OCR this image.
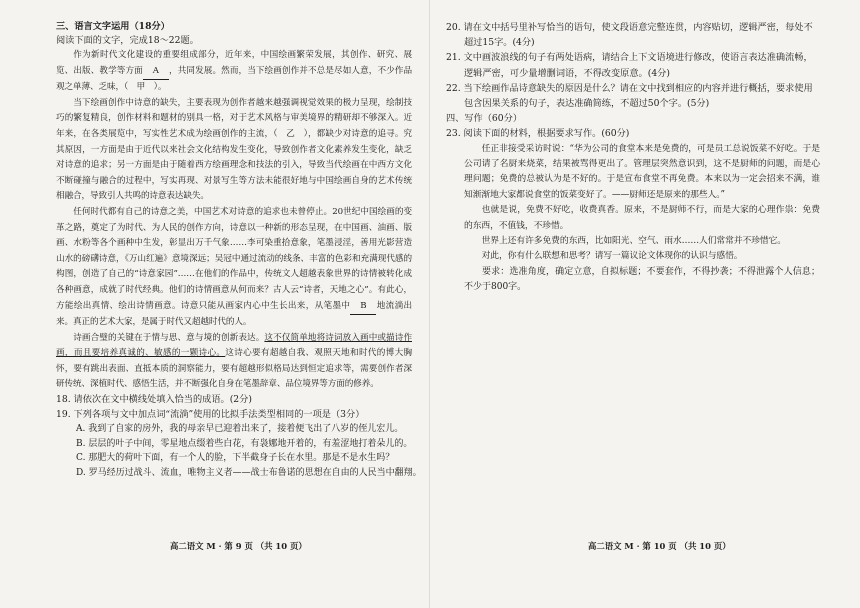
三、语言文字运用（18分）

阅读下面的文字，完成18～22题。

作为新时代文化建设的重要组成部分，近年来，中国绘画繁荣发展，其创作、研究、展览、出版、教学等方面 A ，共同发展。然而，当下绘画创作并不总是尽如人意，不少作品观之单薄、乏味，（　甲　）。

当下绘画创作中诗意的缺失，主要表现为创作者越来越强调视觉效果的极力呈现，绘制技巧的繁复精良，创作材料和题材的别具一格，对于艺术风格与审美境界的精研却不够深入。近年来，在各类展览中，写实性艺术成为绘画创作的主流，（　乙　），都缺少对诗意的追寻。究其原因，一方面是由于近代以来社会文化结构发生变化，导致创作者文化素养发生变化，缺乏对诗意的追求；另一方面是由于随着西方绘画理念和技法的引入，导致当代绘画在中西方文化不断碰撞与融合的过程中，写实再现、对景写生等方法未能很好地与中国绘画自身的艺术传统相融合，导致引人共鸣的诗意表达缺失。

任何时代都有自己的诗意之美，中国艺术对诗意的追求也未曾停止。20世纪中国绘画的变革之路，奠定了为时代、为人民的创作方向，诗意以一种新的形态呈现，在中国画、油画、版画、水粉等各个画种中生发，彰显出万千气象……李可染重拾意象，笔墨浸淫，善用光影营造山水的磅礴诗意，《万山红遍》意境深远；吴冠中通过流动的线条、丰富的色彩和充满现代感的构图，创造了自己的“诗意家园”……在他们的作品中，传统文人超越表象世界的诗情被转化成各种画意，成就了时代经典。他们的诗情画意从何而来？古人云“诗者，天地之心”。有此心，方能绘出真情、绘出诗情画意。诗意只能从画家内心中生长出来，从笔墨中 B 地流淌出来。真正的艺术大家，是属于时代又超越时代的人。

诗画合璧的关键在于情与思、意与境的创新表达。这不仅简单地将诗词放入画中或描诗作画，而且要培养真诚的、敏感的一颗诗心。这诗心要有超越自我、观照天地和时代的博大胸怀，要有跳出表面、直抵本质的洞察能力，要有超越形似格局达到恒定追求等，需要创作者深研传统、深植时代、感悟生活，并不断强化自身在笔墨辞章、品位境界等方面的修养。

18. 请依次在文中横线处填入恰当的成语。(2分)

19. 下列各项与文中加点词“流淌”使用的比拟手法类型相同的一项是（3分）

A. 我到了自家的房外，我的母亲早已迎着出来了，接着便飞出了八岁的侄儿宏儿。

B. 层层的叶子中间，零星地点缀着些白花，有袅娜地开着的，有羞涩地打着朵儿的。

C. 那肥大的荷叶下面，有一个人的脸，下半截身子长在水里。那是不是水生吗？

D. 罗马经历过战斗、流血，唯物主义者——战士布鲁诺的思想在自由的人民当中翻翔。

20. 请在文中括号里补写恰当的语句，使文段语意完整连贯，内容贴切，逻辑严密，每处不超过15字。(4分)

21. 文中画波浪线的句子有两处语病，请结合上下文语境进行修改，使语言表达准确流畅，逻辑严密，可少量增删词语，不得改变原意。(4分)

22. 当下绘画作品诗意缺失的原因是什么？请在文中找到相应的内容并进行概括，要求使用包含因果关系的句子，表达准确简练，不超过50个字。(5分)

四、写作（60分）

23. 阅读下面的材料，根据要求写作。(60分)

任正非接受采访时说：“华为公司的食堂本来是免费的，可是员工总说饭菜不好吃。于是公司请了名厨来烧菜，结果被骂得更出了。管理层突然意识到，这不是厨师的问题，而是心理问题；免费的总被认为是不好的。于是宣布食堂不再免费。本来以为一定会招来不满，谁知渐渐地大家都说食堂的饭菜变好了。——厨师还是原来的那些人。”

也就是说，免费不好吃，收费真香。原来，不是厨师不行，而是大家的心理作祟：免费的东西，不值钱，不珍惜。

世界上还有许多免费的东西，比如阳光、空气、雨水……人们常常并不珍惜它。

对此，你有什么联想和思考？请写一篇议论文体现你的认识与感悟。

要求：选准角度，确定立意，自拟标题；不要套作，不得抄袭；不得泄露个人信息；不少于800字。

高二语文 M · 第 9 页 （共 10 页）	高二语文 M · 第 10 页 （共 10 页）
